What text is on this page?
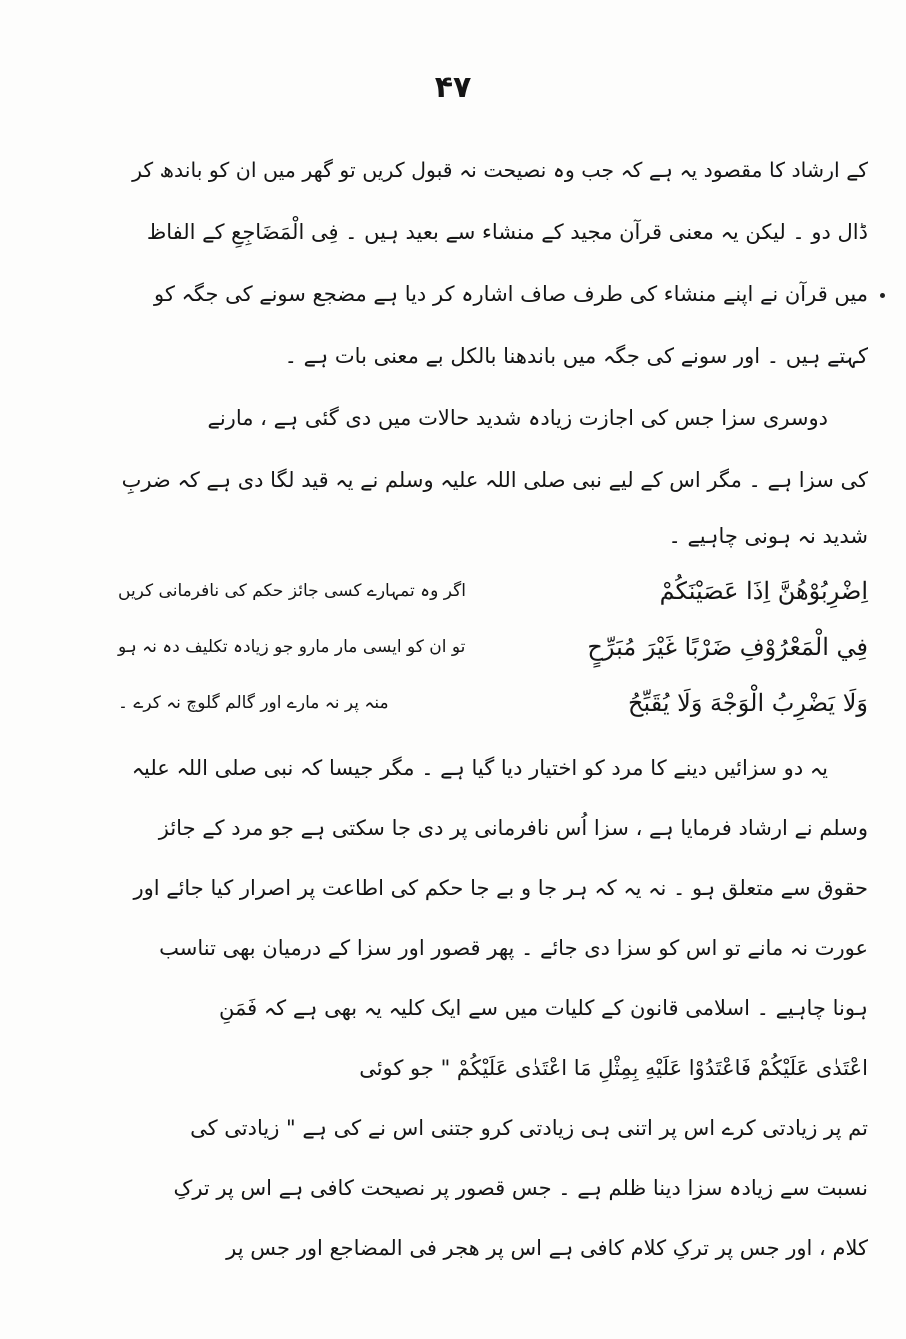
۴۷
کے ارشاد کا مقصود یہ ہے کہ جب وہ نصیحت نہ قبول کریں تو گھر میں ان کو باندھ کر
ڈال دو ۔ لیکن یہ معنی قرآن مجید کے منشاء سے بعید ہیں ۔ فِی الْمَضَاجِعِ کے الفاظ
میں قرآن نے اپنے منشاء کی طرف صاف اشارہ کر دیا ہے مضجع سونے کی جگہ کو
کہتے ہیں ۔ اور سونے کی جگہ میں باندھنا بالکل بے معنی بات ہے ۔
دوسری سزا جس کی اجازت زیادہ شدید حالات میں دی گئی ہے ، مارنے
کی سزا ہے ۔ مگر اس کے لیے نبی صلی اللہ علیہ وسلم نے یہ قید لگا دی ہے کہ ضربِ
شدید نہ ہونی چاہیے ۔
اِضْرِبُوْهُنَّ اِذَا عَصَيْنَكُمْ
اگر وہ تمہارے کسی جائز حکم کی نافرمانی کریں
فِي الْمَعْرُوْفِ ضَرْبًا غَيْرَ مُبَرِّحٍ
تو ان کو ایسی مار مارو جو زیادہ تکلیف دہ نہ ہو
وَلَا يَضْرِبُ الْوَجْهَ وَلَا يُقَبِّحُ
منہ پر نہ مارے اور گالم گلوچ نہ کرے ۔
یہ دو سزائیں دینے کا مرد کو اختیار دیا گیا ہے ۔ مگر جیسا کہ نبی صلی اللہ علیہ
وسلم نے ارشاد فرمایا ہے ، سزا اُس نافرمانی پر دی جا سکتی ہے جو مرد کے جائز
حقوق سے متعلق ہو ۔ نہ یہ کہ ہر جا و بے جا حکم کی اطاعت پر اصرار کیا جائے اور
عورت نہ مانے تو اس کو سزا دی جائے ۔ پھر قصور اور سزا کے درمیان بھی تناسب
ہونا چاہیے ۔ اسلامی قانون کے کلیات میں سے ایک کلیہ یہ بھی ہے کہ فَمَنِ
اعْتَدٰى عَلَيْكُمْ فَاعْتَدُوْا عَلَيْهِ بِمِثْلِ مَا اعْتَدٰى عَلَيْكُمْ " جو کوئی
تم پر زیادتی کرے اس پر اتنی ہی زیادتی کرو جتنی اس نے کی ہے " زیادتی کی
نسبت سے زیادہ سزا دینا ظلم ہے ۔ جس قصور پر نصیحت کافی ہے اس پر ترکِ
کلام ، اور جس پر ترکِ کلام کافی ہے اس پر ھجر فی المضاجع اور جس پر
